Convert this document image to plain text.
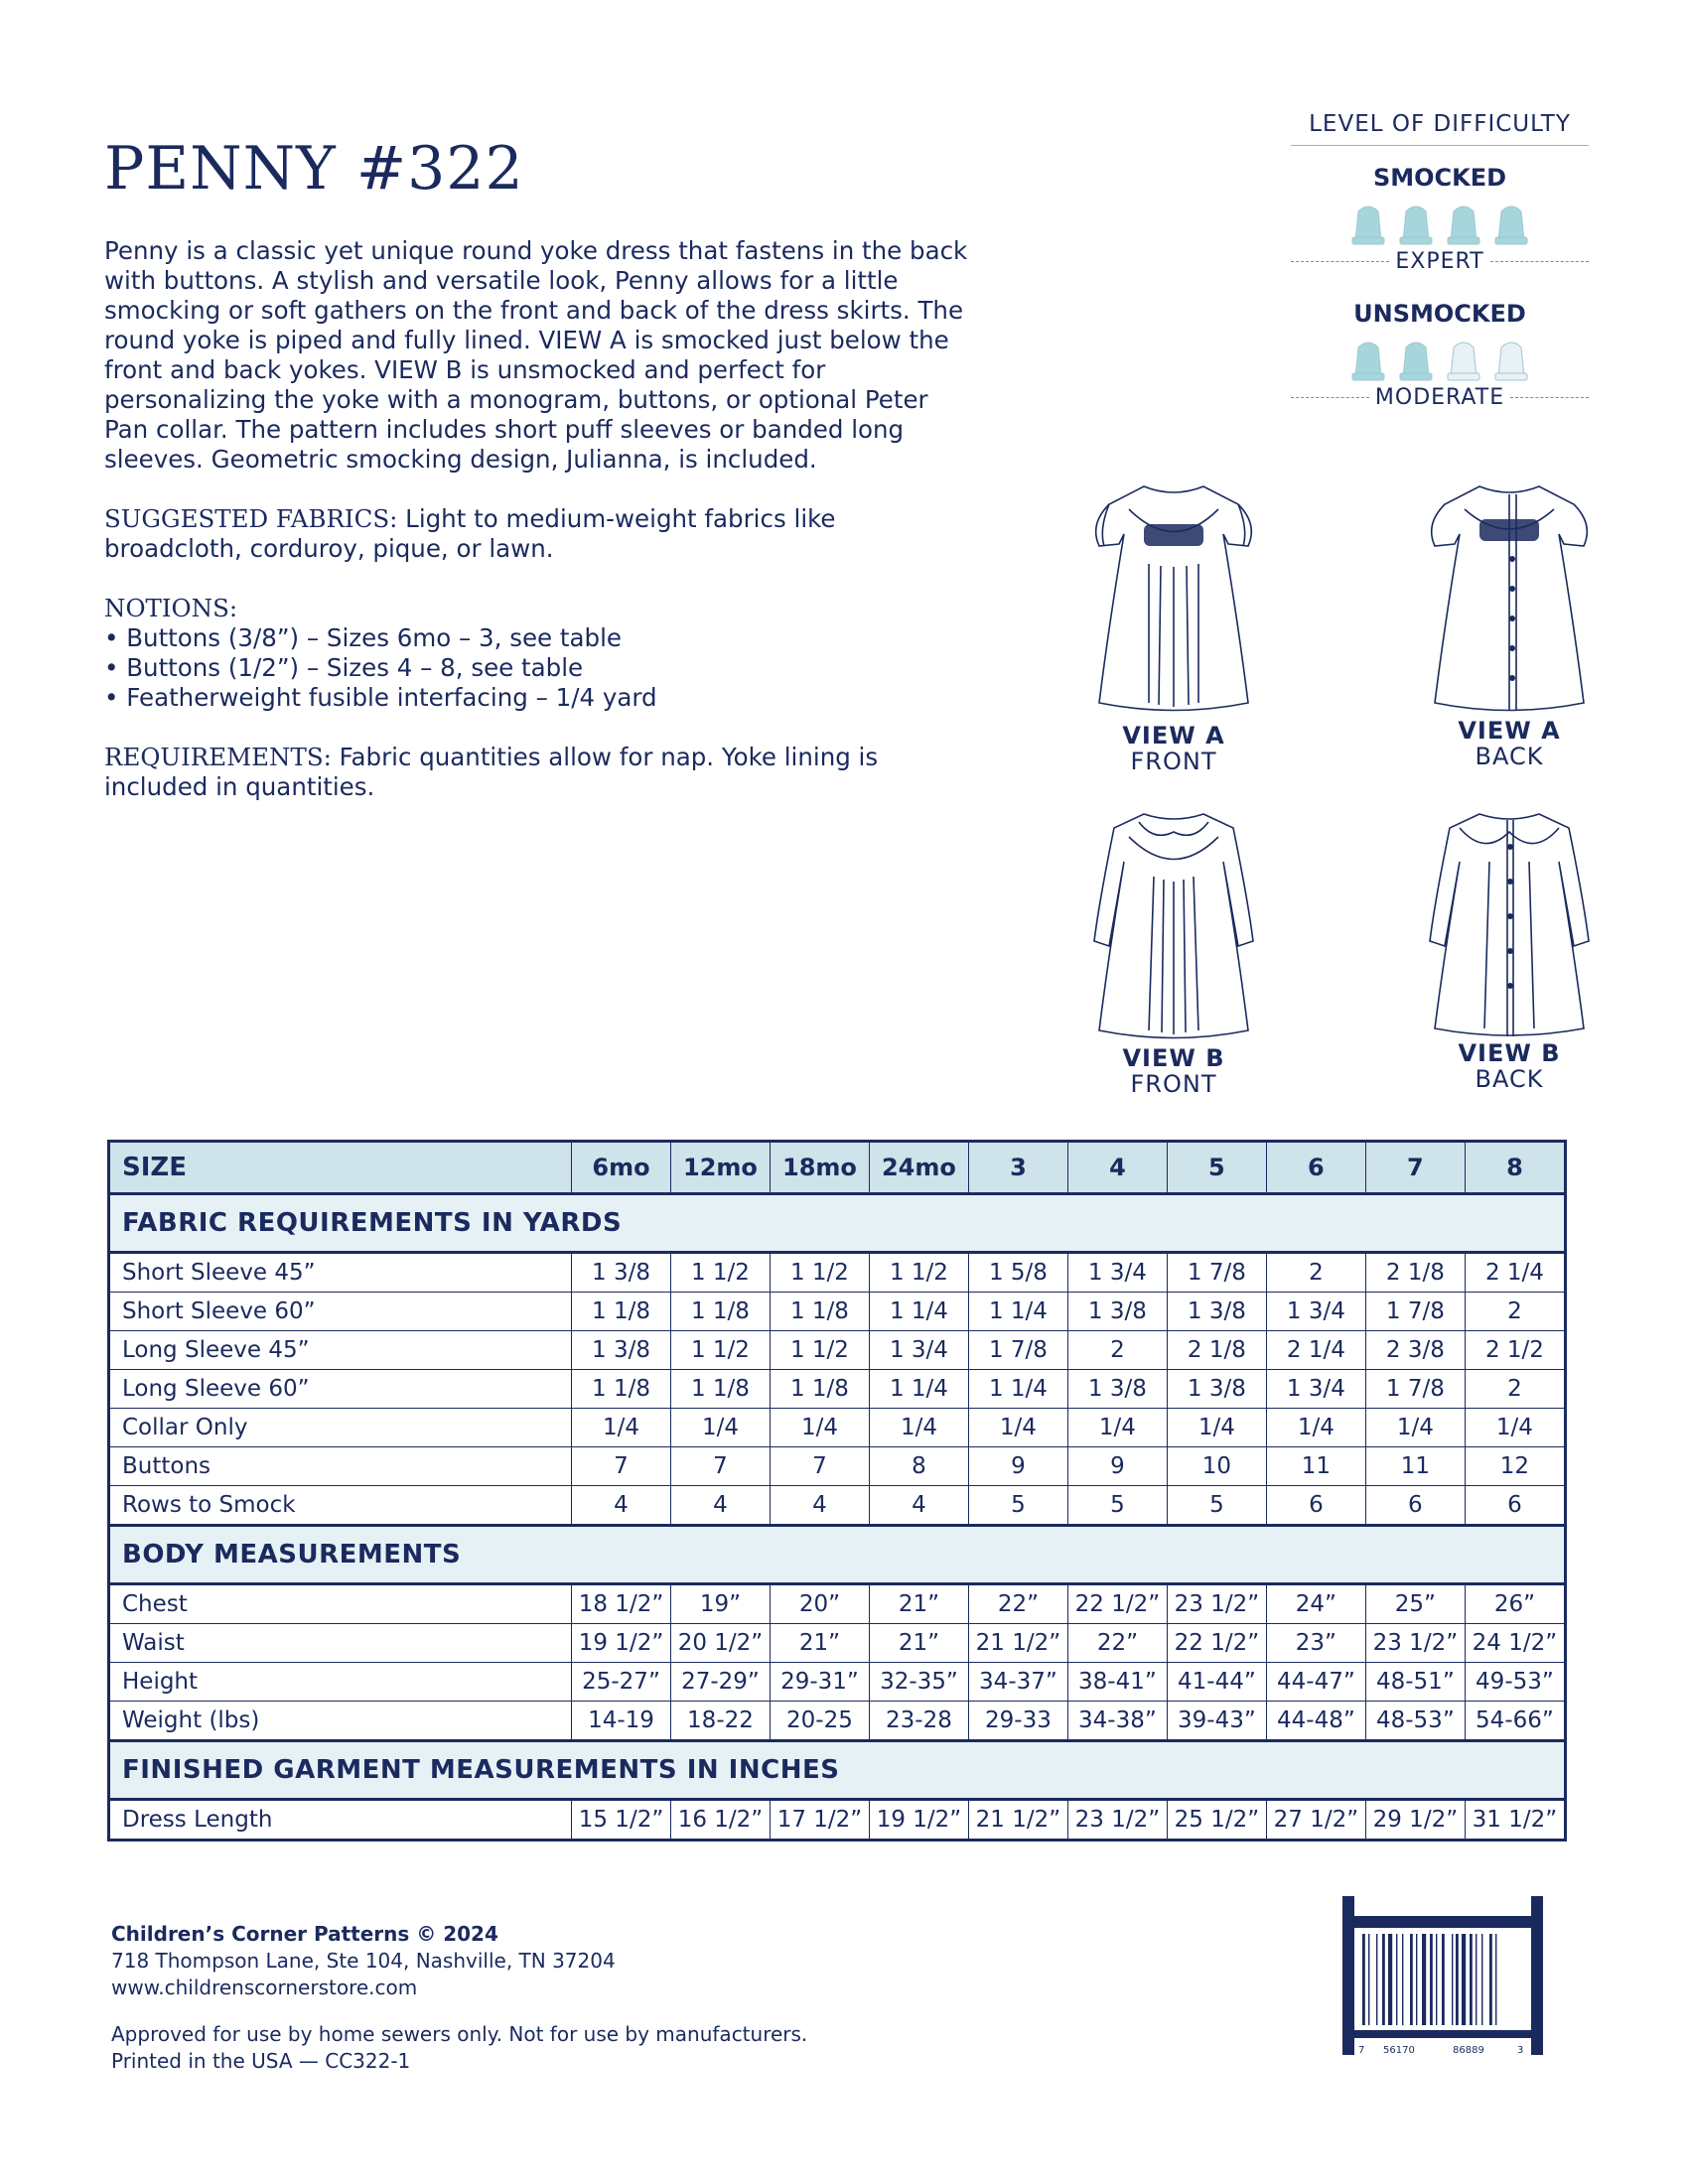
PENNY #322

Penny is a classic yet unique round yoke dress that fastens in the back with buttons. A stylish and versatile look, Penny allows for a little smocking or soft gathers on the front and back of the dress skirts. The round yoke is piped and fully lined. VIEW A is smocked just below the front and back yokes. VIEW B is unsmocked and perfect for personalizing the yoke with a monogram, buttons, or optional Peter Pan collar. The pattern includes short puff sleeves or banded long sleeves. Geometric smocking design, Julianna, is included.

SUGGESTED FABRICS: Light to medium-weight fabrics like broadcloth, corduroy, pique, or lawn.

NOTIONS:
• Buttons (3/8”) – Sizes 6mo – 3, see table
• Buttons (1/2”) – Sizes 4 – 8, see table
• Featherweight fusible interfacing – 1/4 yard

REQUIREMENTS: Fabric quantities allow for nap. Yoke lining is included in quantities.

LEVEL OF DIFFICULTY
SMOCKED
EXPERT
UNSMOCKED
MODERATE
VIEW A
FRONT
VIEW A
BACK
VIEW B
FRONT
VIEW B
BACK
SIZE	6mo	12mo	18mo	24mo	3	4	5	6	7	8
FABRIC REQUIREMENTS IN YARDS										
Short Sleeve 45”	1 3/8	1 1/2	1 1/2	1 1/2	1 5/8	1 3/4	1 7/8	2	2 1/8	2 1/4
Short Sleeve 60”	1 1/8	1 1/8	1 1/8	1 1/4	1 1/4	1 3/8	1 3/8	1 3/4	1 7/8	2
Long Sleeve 45”	1 3/8	1 1/2	1 1/2	1 3/4	1 7/8	2	2 1/8	2 1/4	2 3/8	2 1/2
Long Sleeve 60”	1 1/8	1 1/8	1 1/8	1 1/4	1 1/4	1 3/8	1 3/8	1 3/4	1 7/8	2
Collar Only	1/4	1/4	1/4	1/4	1/4	1/4	1/4	1/4	1/4	1/4
Buttons	7	7	7	8	9	9	10	11	11	12
Rows to Smock	4	4	4	4	5	5	5	6	6	6
BODY MEASUREMENTS										
Chest	18 1/2”	19”	20”	21”	22”	22 1/2”	23 1/2”	24”	25”	26”
Waist	19 1/2”	20 1/2”	21”	21”	21 1/2”	22”	22 1/2”	23”	23 1/2”	24 1/2”
Height	25-27”	27-29”	29-31”	32-35”	34-37”	38-41”	41-44”	44-47”	48-51”	49-53”
Weight (lbs)	14-19	18-22	20-25	23-28	29-33	34-38”	39-43”	44-48”	48-53”	54-66”
FINISHED GARMENT MEASUREMENTS IN INCHES										
Dress Length	15 1/2”	16 1/2”	17 1/2”	19 1/2”	21 1/2”	23 1/2”	25 1/2”	27 1/2”	29 1/2”	31 1/2”
Children’s Corner Patterns © 2024
718 Thompson Lane, Ste 104, Nashville, TN 37204
www.childrenscornerstore.com
Approved for use by home sewers only. Not for use by manufacturers.
Printed in the USA — CC322-1	7 56170	86889	3
